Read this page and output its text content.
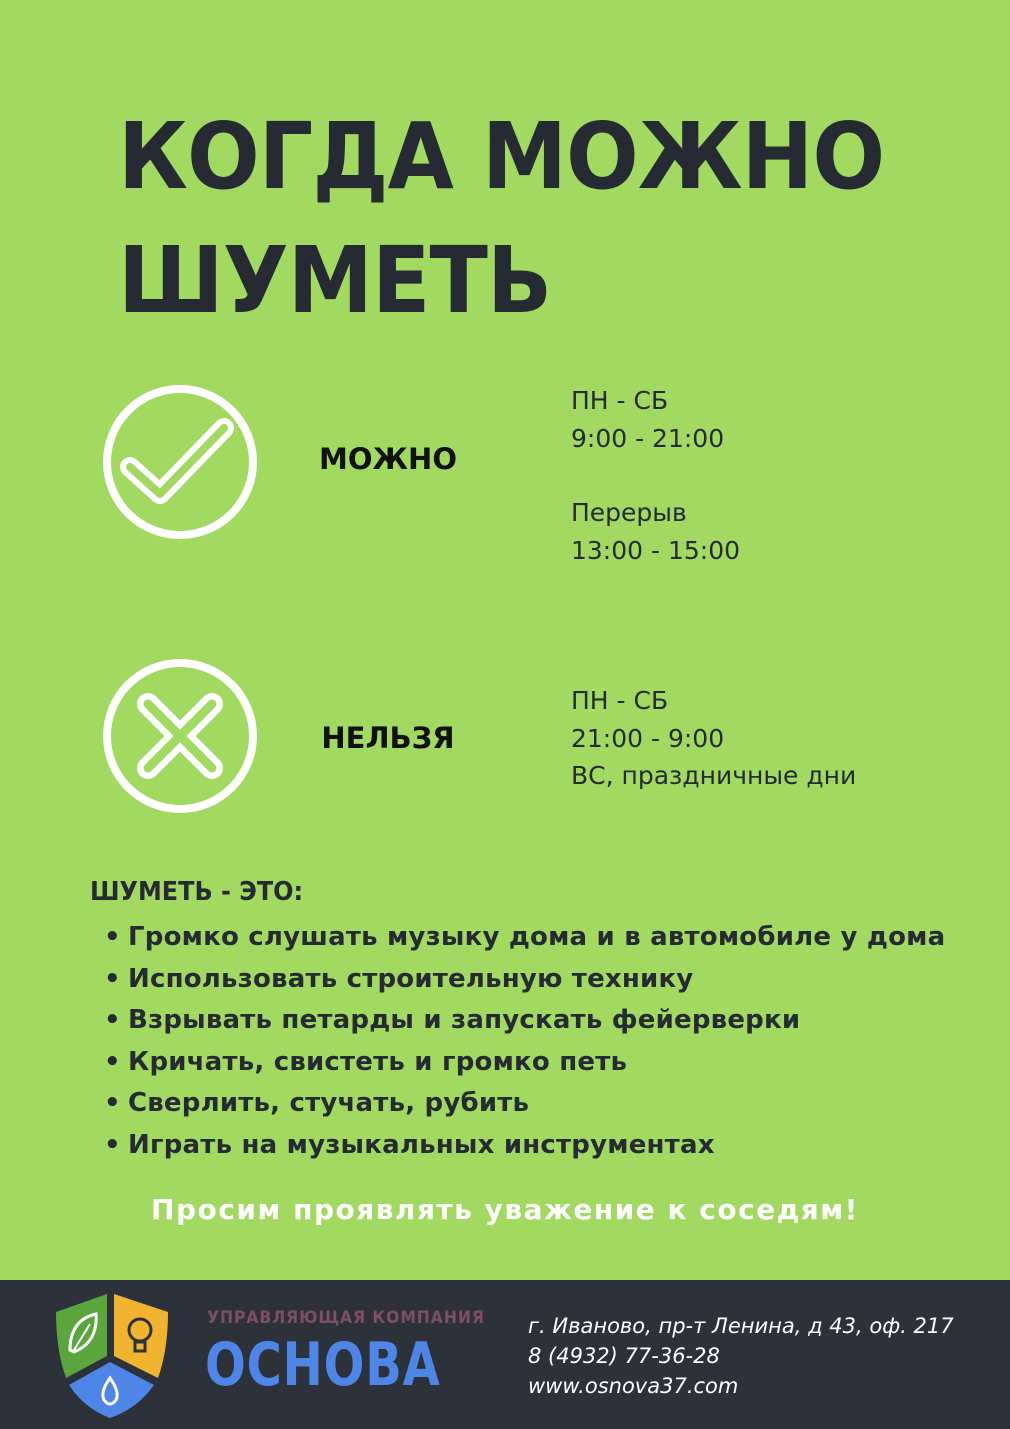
КОГДА МОЖНО
ШУМЕТЬ
МОЖНО
ПН - СБ
9:00 - 21:00
Перерыв
13:00 - 15:00
НЕЛЬЗЯ
ПН - СБ
21:00 - 9:00
ВС, праздничные дни
ШУМЕТЬ - ЭТО:
• Громко слушать музыку дома и в автомобиле у дома
• Использовать строительную технику
• Взрывать петарды и запускать фейерверки
• Кричать, свистеть и громко петь
• Сверлить, стучать, рубить
• Играть на музыкальных инструментах
Просим проявлять уважение к соседям!
УПРАВЛЯЮЩАЯ КОМПАНИЯ
ОСНОВА
г. Иваново, пр-т Ленина, д 43, оф. 217
8 (4932) 77-36-28
www.osnova37.com
